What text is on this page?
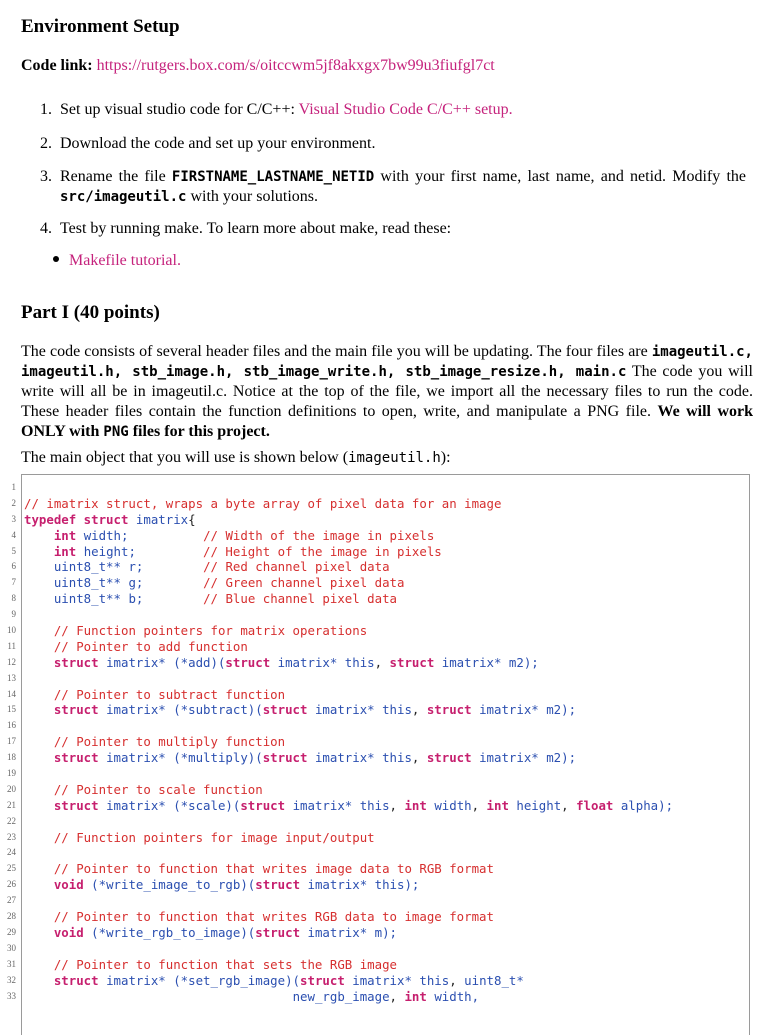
Environment Setup
Code link: https://rutgers.box.com/s/oitccwm5jf8akxgx7bw99u3fiufgl7ct
1. Set up visual studio code for C/C++: Visual Studio Code C/C++ setup.
2. Download the code and set up your environment.
3. Rename the file FIRSTNAME_LASTNAME_NETID with your first name, last name, and netid. Modify the src/imageutil.c with your solutions.
4. Test by running make. To learn more about make, read these:
Makefile tutorial.
Part I (40 points)
The code consists of several header files and the main file you will be updating. The four files are imageutil.c, imageutil.h, stb_image.h, stb_image_write.h, stb_image_resize.h, main.c The code you will write will all be in imageutil.c. Notice at the top of the file, we import all the necessary files to run the code. These header files contain the function definitions to open, write, and manipulate a PNG file. We will work ONLY with PNG files for this project.
The main object that you will use is shown below (imageutil.h):
1
2 // imatrix struct, wraps a byte array of pixel data for an image
3 typedef struct imatrix{
4	int width;	// Width of the image in pixels
5	int height;	// Height of the image in pixels
6	uint8_t** r;	// Red channel pixel data
7	uint8_t** g;	// Green channel pixel data
8	uint8_t** b;	// Blue channel pixel data
9
10	// Function pointers for matrix operations
11	// Pointer to add function
12	struct imatrix* (*add)(struct imatrix* this, struct imatrix* m2);
13
14	// Pointer to subtract function
15	struct imatrix* (*subtract)(struct imatrix* this, struct imatrix* m2);
16
17	// Pointer to multiply function
18	struct imatrix* (*multiply)(struct imatrix* this, struct imatrix* m2);
19
20	// Pointer to scale function
21	struct imatrix* (*scale)(struct imatrix* this, int width, int height, float alpha);
22
23	// Function pointers for image input/output
24
25	// Pointer to function that writes image data to RGB format
26	void (*write_image_to_rgb)(struct imatrix* this);
27
28	// Pointer to function that writes RGB data to image format
29	void (*write_rgb_to_image)(struct imatrix* m);
30
31	// Pointer to function that sets the RGB image
32	struct imatrix* (*set_rgb_image)(struct imatrix* this, uint8_t*
33	new_rgb_image, int width,
